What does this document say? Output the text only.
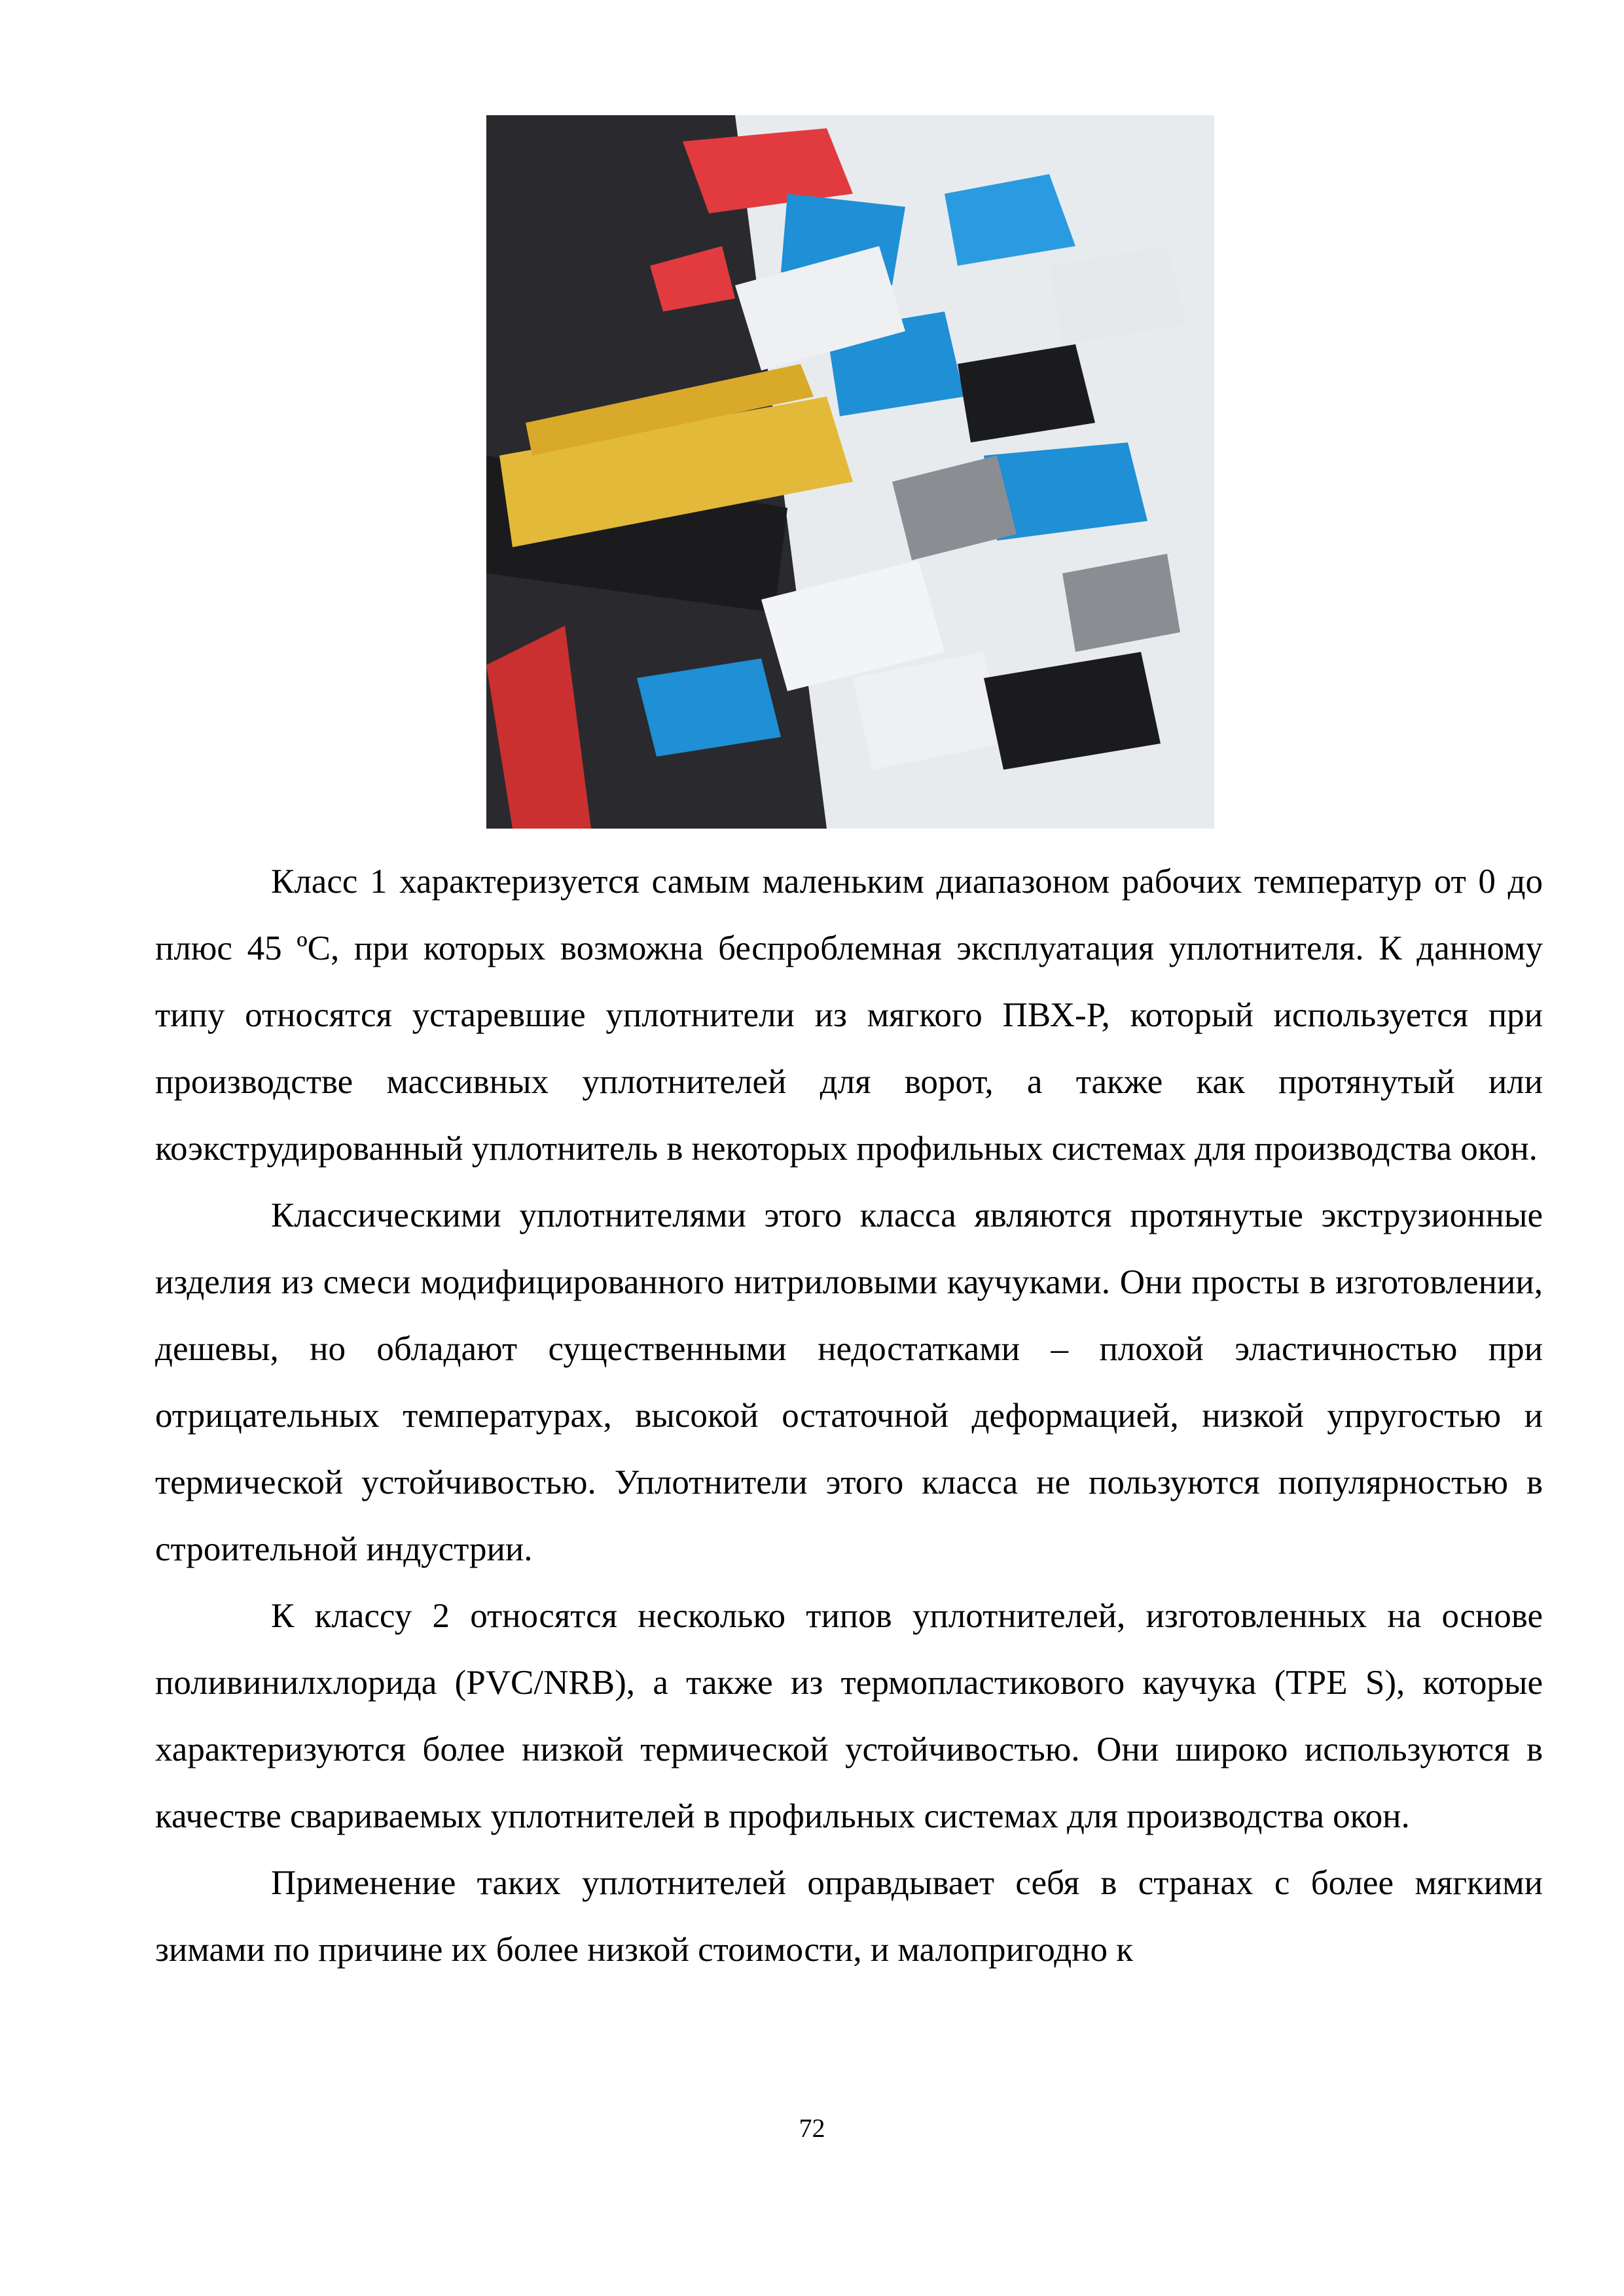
Класс 1 характеризуется самым маленьким диапазоном рабочих температур от 0 до плюс 45 ºС, при которых возможна беспроблемная эксплуатация уплотнителя. К данному типу относятся устаревшие уплотнители из мягкого ПВХ-Р, который используется при производстве массивных уплотнителей для ворот, а также как протянутый или коэкструдированный уплотнитель в некоторых профильных системах для производства окон.

Классическими уплотнителями этого класса являются протянутые экструзионные изделия из смеси модифицированного нитриловыми каучуками. Они просты в изготовлении, дешевы, но обладают существенными недостатками – плохой эластичностью при отрицательных температурах, высокой остаточной деформацией, низкой упругостью и термической устойчивостью. Уплотнители этого класса не пользуются популярностью в строительной индустрии.

К классу 2 относятся несколько типов уплотнителей, изготовленных на основе поливинилхлорида (PVC/NRB), а также из термопластикового каучука (ТРЕ S), которые характеризуются более низкой термической устойчивостью. Они широко используются в качестве свариваемых уплотнителей в профильных системах для производства окон.

Применение таких уплотнителей оправдывает себя в странах с более мягкими зимами по причине их более низкой стоимости, и малопригодно к

72
